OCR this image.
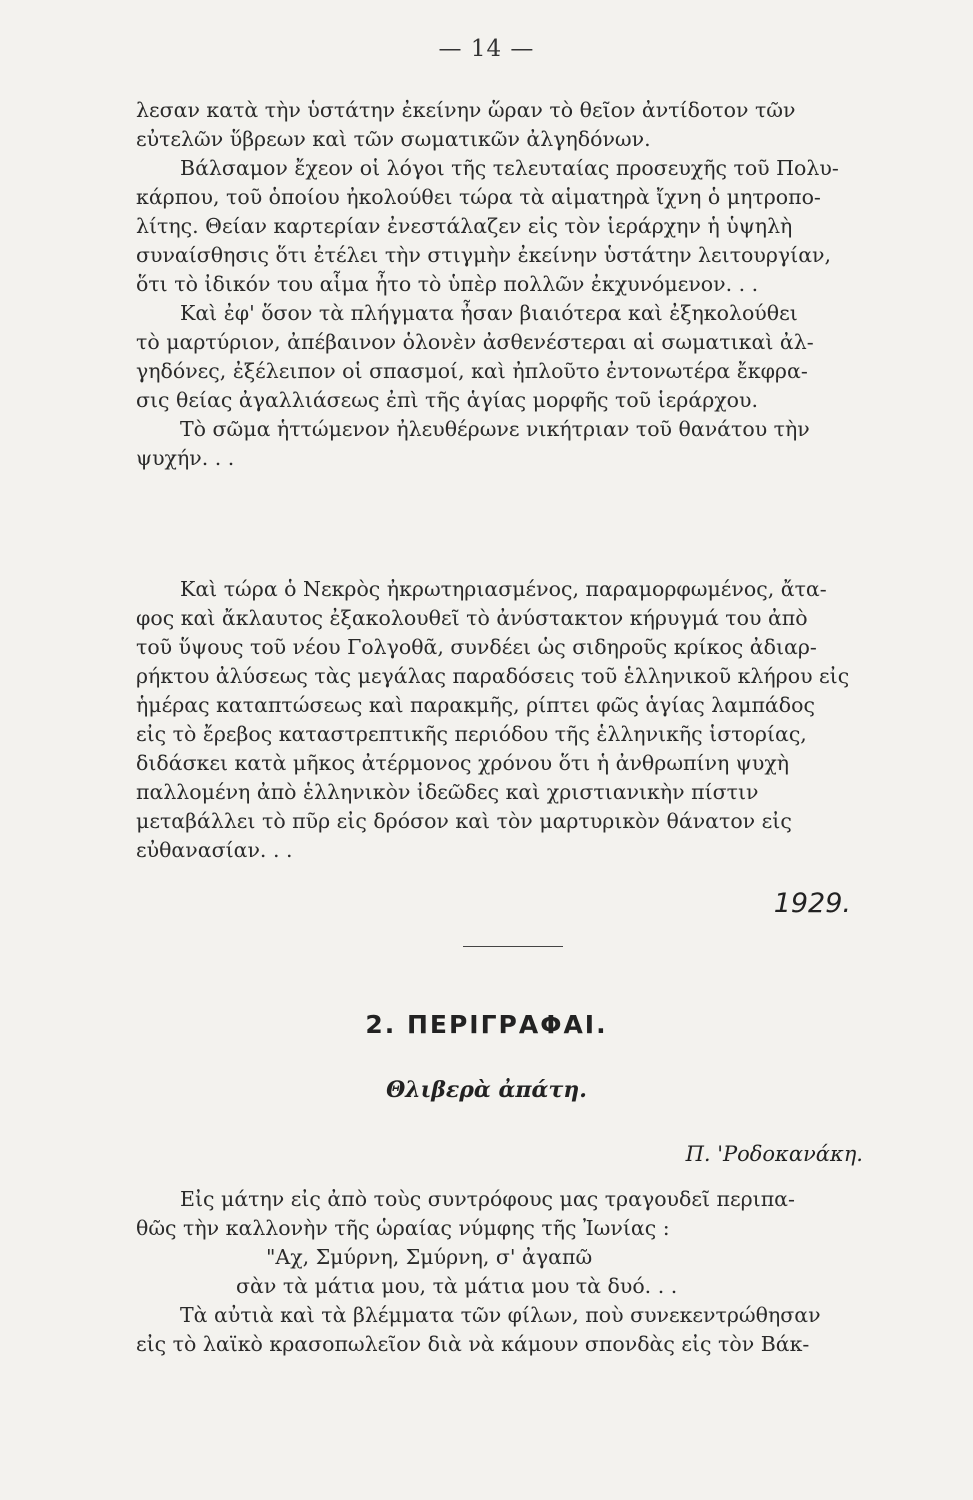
— 14 —
λεσαν κατὰ τὴν ὑστάτην ἐκείνην ὥραν τὸ θεῖον ἀντίδοτον τῶν
εὐτελῶν ὕβρεων καὶ τῶν σωματικῶν ἀλγηδόνων.
Βάλσαμον ἔχεον οἱ λόγοι τῆς τελευταίας προσευχῆς τοῦ Πολυ-
κάρπου, τοῦ ὁποίου ἠκολούθει τώρα τὰ αἱματηρὰ ἴχνη ὁ μητροπο-
λίτης. Θείαν καρτερίαν ἐνεστάλαζεν εἰς τὸν ἱεράρχην ἡ ὑψηλὴ
συναίσθησις ὅτι ἐτέλει τὴν στιγμὴν ἐκείνην ὑστάτην λειτουργίαν,
ὅτι τὸ ἰδικόν του αἷμα ἦτο τὸ ὑπὲρ πολλῶν ἐκχυνόμενον. . .
Καὶ ἐφ' ὅσον τὰ πλήγματα ἦσαν βιαιότερα καὶ ἐξηκολούθει
τὸ μαρτύριον, ἀπέβαινον ὁλονὲν ἀσθενέστεραι αἱ σωματικαὶ ἀλ-
γηδόνες, ἐξέλειπον οἱ σπασμοί, καὶ ἠπλοῦτο ἐντονωτέρα ἔκφρα-
σις θείας ἀγαλλιάσεως ἐπὶ τῆς ἁγίας μορφῆς τοῦ ἱεράρχου.
Τὸ σῶμα ἡττώμενον ἠλευθέρωνε νικήτριαν τοῦ θανάτου τὴν
ψυχήν. . .
Καὶ τώρα ὁ Νεκρὸς ἠκρωτηριασμένος, παραμορφωμένος, ἄτα-
φος καὶ ἄκλαυτος ἐξακολουθεῖ τὸ ἀνύστακτον κήρυγμά του ἀπὸ
τοῦ ὕψους τοῦ νέου Γολγοθᾶ, συνδέει ὡς σιδηροῦς κρίκος ἀδιαρ-
ρήκτου ἀλύσεως τὰς μεγάλας παραδόσεις τοῦ ἑλληνικοῦ κλήρου εἰς
ἡμέρας καταπτώσεως καὶ παρακμῆς, ρίπτει φῶς ἁγίας λαμπάδος
εἰς τὸ ἔρεβος καταστρεπτικῆς περιόδου τῆς ἑλληνικῆς ἱστορίας,
διδάσκει κατὰ μῆκος ἀτέρμονος χρόνου ὅτι ἡ ἀνθρωπίνη ψυχὴ
παλλομένη ἀπὸ ἑλληνικὸν ἰδεῶδες καὶ χριστιανικὴν πίστιν
μεταβάλλει τὸ πῦρ εἰς δρόσον καὶ τὸν μαρτυρικὸν θάνατον εἰς
εὐθανασίαν. . .
1929.
2. ΠΕΡΙΓΡΑΦΑΙ.
Θλιβερὰ ἀπάτη.
Π. 'Ροδοκανάκη.
Εἰς μάτην εἰς ἀπὸ τοὺς συντρόφους μας τραγουδεῖ περιπα-
θῶς τὴν καλλονὴν τῆς ὡραίας νύμφης τῆς Ἰωνίας :
"Αχ, Σμύρνη, Σμύρνη, σ' ἀγαπῶ
σὰν τὰ μάτια μου, τὰ μάτια μου τὰ δυό. . .
Τὰ αὐτιὰ καὶ τὰ βλέμματα τῶν φίλων, ποὺ συνεκεντρώθησαν
εἰς τὸ λαϊκὸ κρασοπωλεῖον διὰ νὰ κάμουν σπονδὰς εἰς τὸν Βάκ-
